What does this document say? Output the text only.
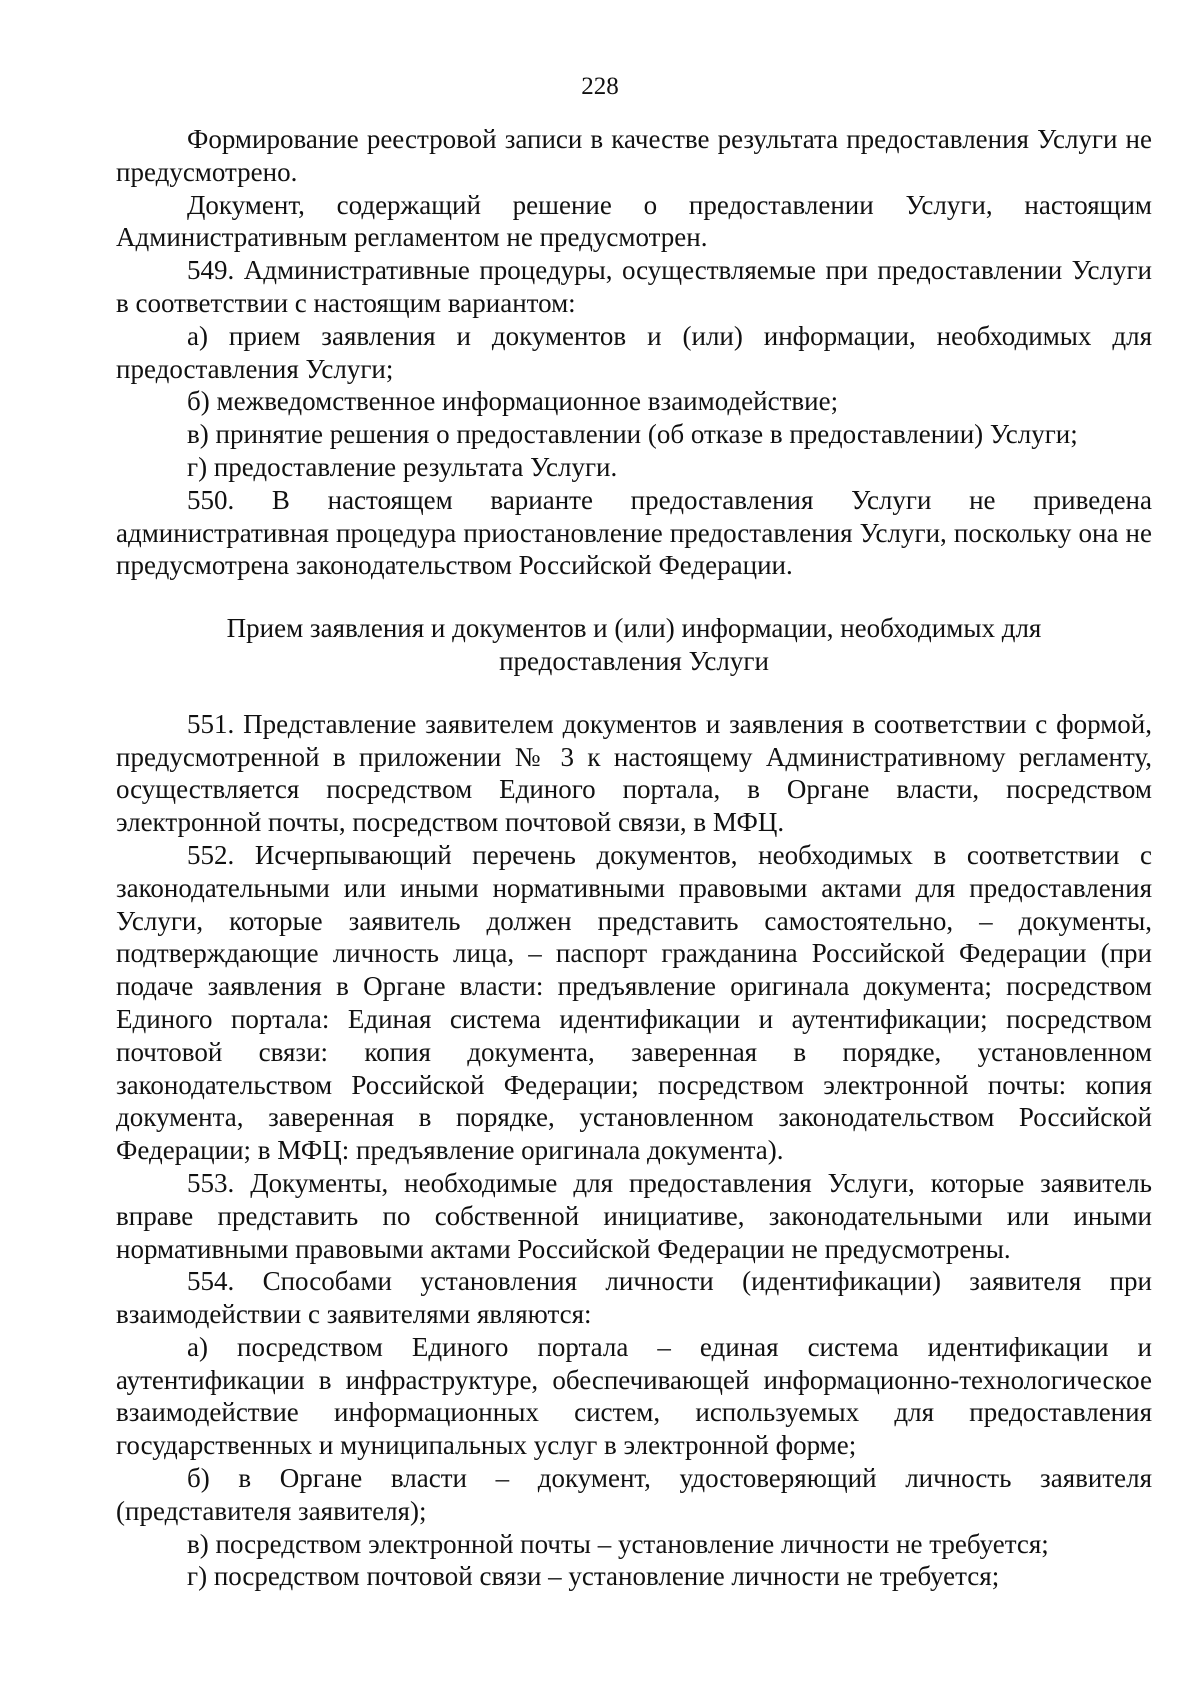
228

Формирование реестровой записи в качестве результата предоставления Услуги не предусмотрено.

Документ, содержащий решение о предоставлении Услуги, настоящим Административным регламентом не предусмотрен.

549. Административные процедуры, осуществляемые при предоставлении Услуги в соответствии с настоящим вариантом:

а) прием заявления и документов и (или) информации, необходимых для предоставления Услуги;

б) межведомственное информационное взаимодействие;

в) принятие решения о предоставлении (об отказе в предоставлении) Услуги;

г) предоставление результата Услуги.

550. В настоящем варианте предоставления Услуги не приведена административная процедура приостановление предоставления Услуги, поскольку она не предусмотрена законодательством Российской Федерации.

Прием заявления и документов и (или) информации, необходимых для
предоставления Услуги

551. Представление заявителем документов и заявления в соответствии с формой, предусмотренной в приложении № 3 к настоящему Административному регламенту, осуществляется посредством Единого портала, в Органе власти, посредством электронной почты, посредством почтовой связи, в МФЦ.

552. Исчерпывающий перечень документов, необходимых в соответствии с законодательными или иными нормативными правовыми актами для предоставления Услуги, которые заявитель должен представить самостоятельно, – документы, подтверждающие личность лица, – паспорт гражданина Российской Федерации (при подаче заявления в Органе власти: предъявление оригинала документа; посредством Единого портала: Единая система идентификации и аутентификации; посредством почтовой связи: копия документа, заверенная в порядке, установленном законодательством Российской Федерации; посредством электронной почты: копия документа, заверенная в порядке, установленном законодательством Российской Федерации; в МФЦ: предъявление оригинала документа).

553. Документы, необходимые для предоставления Услуги, которые заявитель вправе представить по собственной инициативе, законодательными или иными нормативными правовыми актами Российской Федерации не предусмотрены.

554. Способами установления личности (идентификации) заявителя при взаимодействии с заявителями являются:

а) посредством Единого портала – единая система идентификации и аутентификации в инфраструктуре, обеспечивающей информационно-технологическое взаимодействие информационных систем, используемых для предоставления государственных и муниципальных услуг в электронной форме;

б) в Органе власти – документ, удостоверяющий личность заявителя (представителя заявителя);

в) посредством электронной почты – установление личности не требуется;

г) посредством почтовой связи – установление личности не требуется;
